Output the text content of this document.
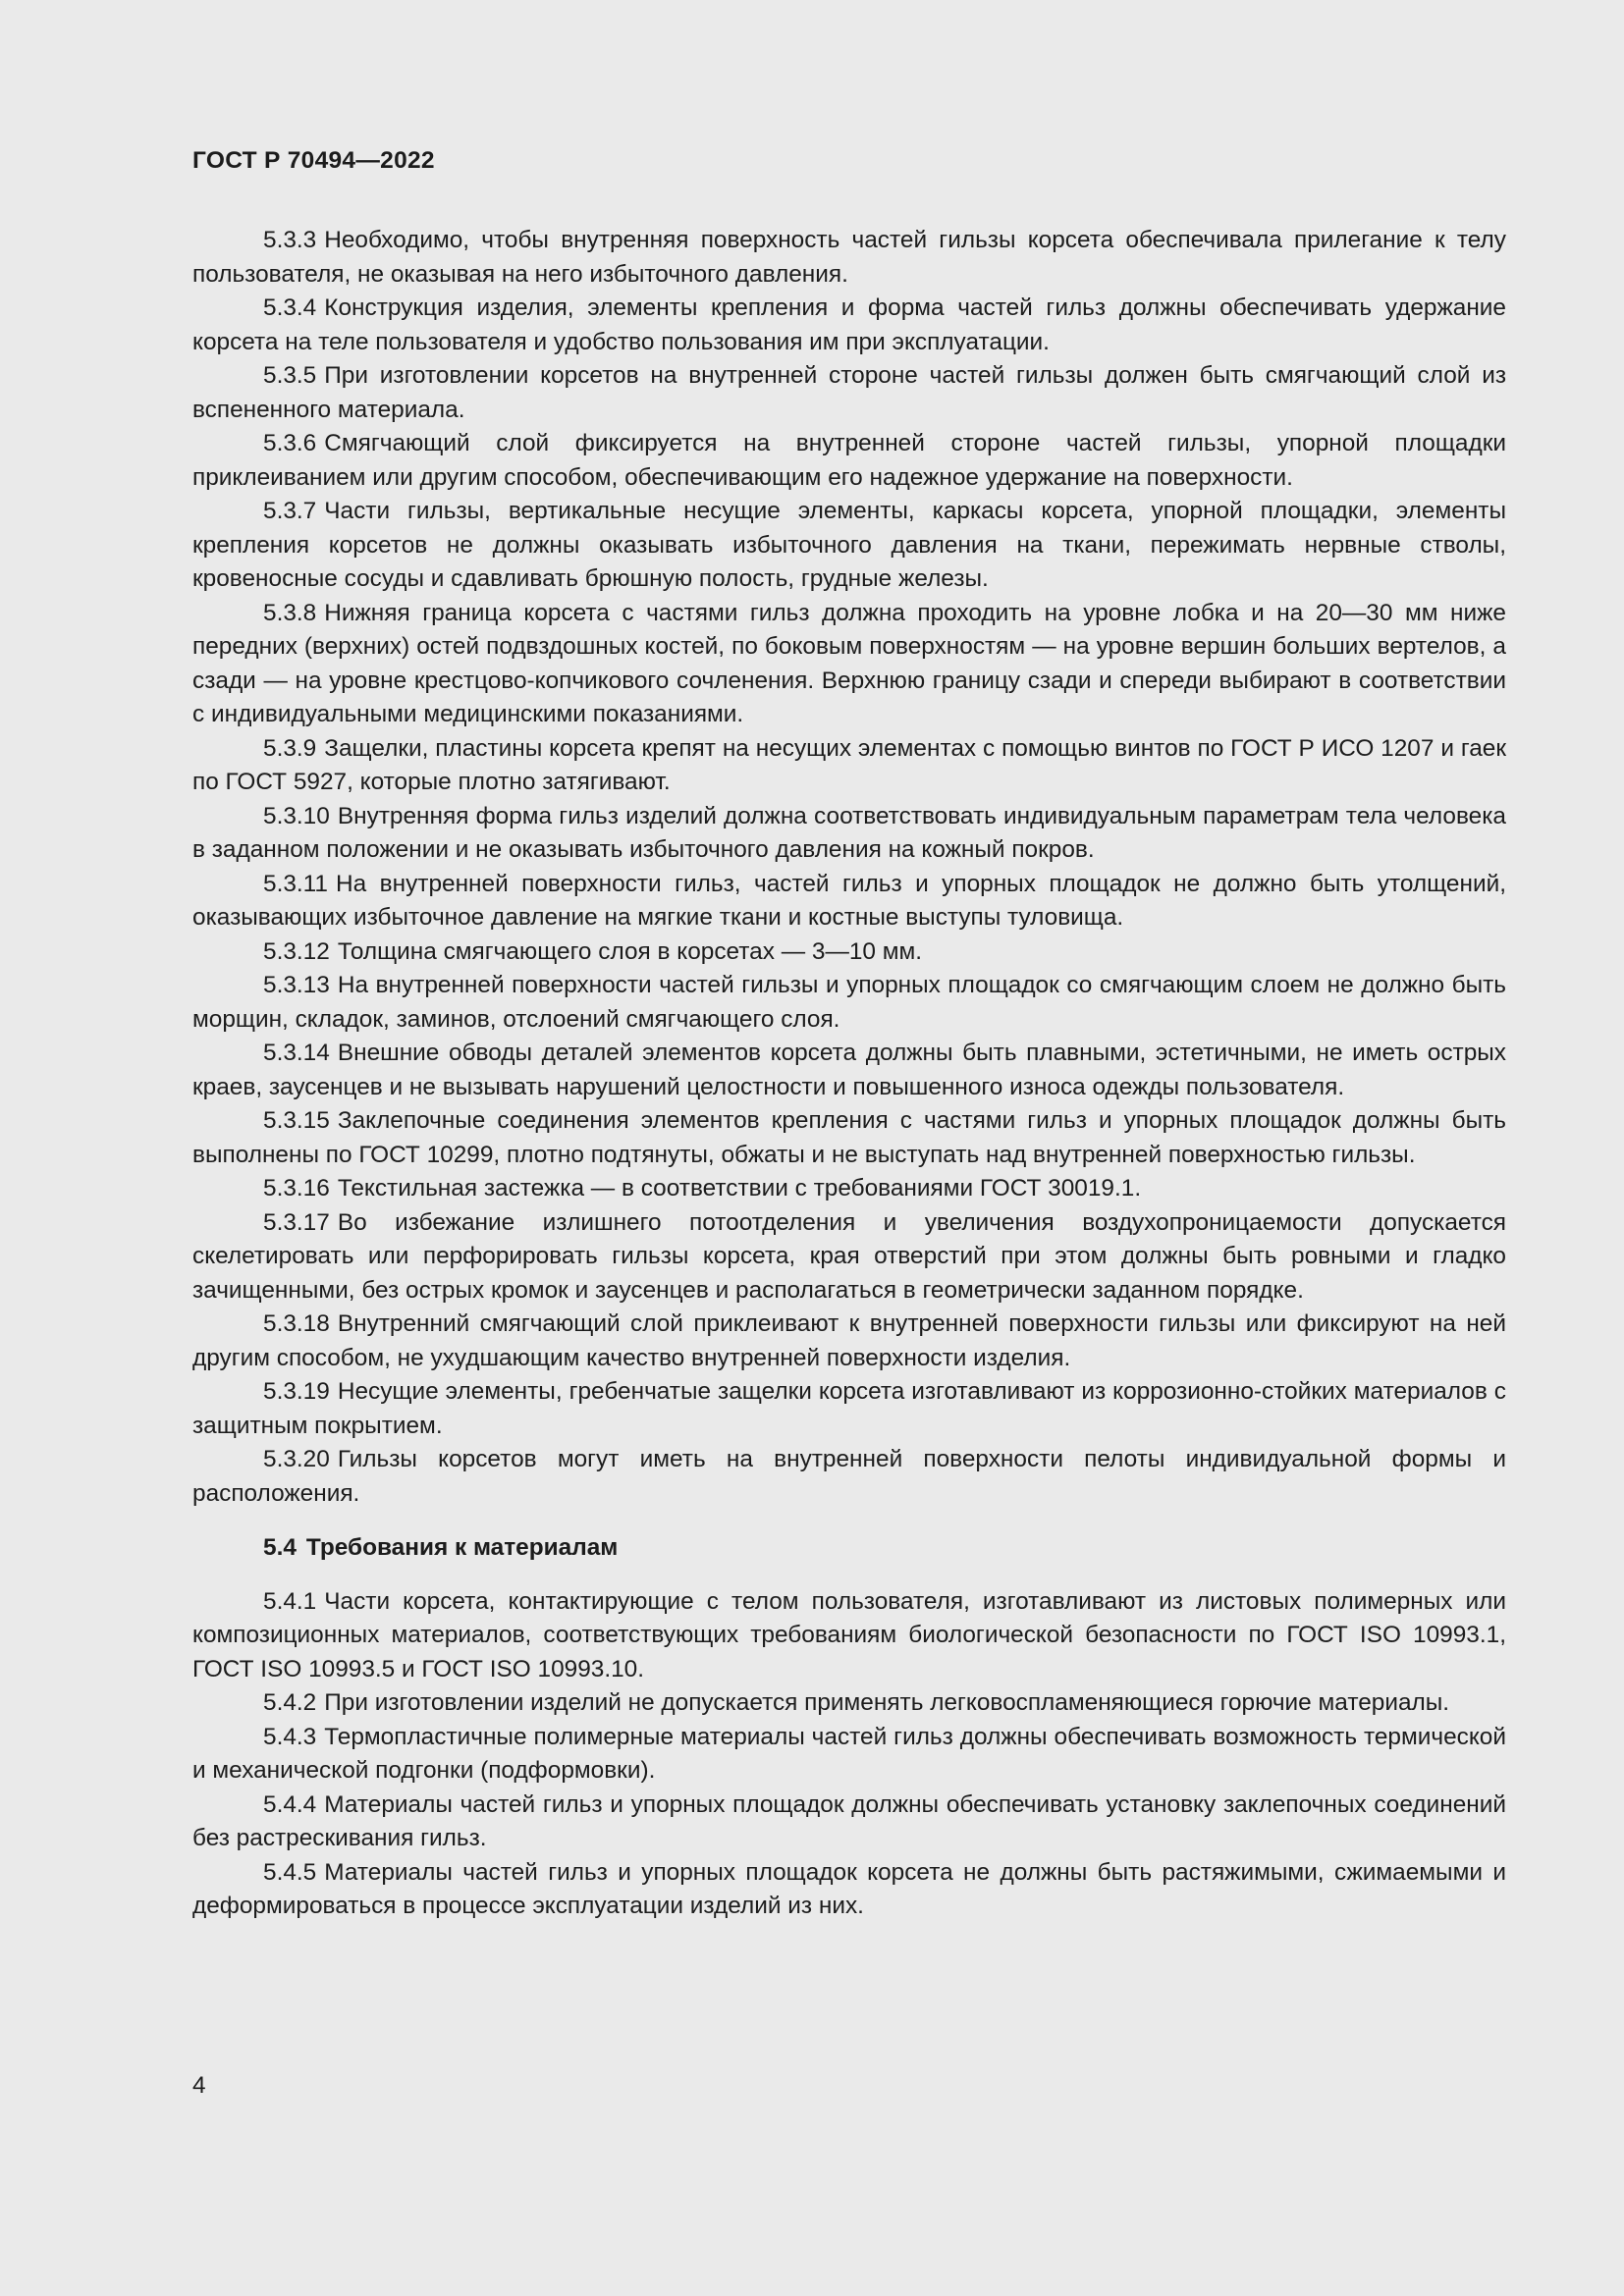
ГОСТ Р 70494—2022

5.3.3 Необходимо, чтобы внутренняя поверхность частей гильзы корсета обеспечивала прилегание к телу пользователя, не оказывая на него избыточного давления.

5.3.4 Конструкция изделия, элементы крепления и форма частей гильз должны обеспечивать удержание корсета на теле пользователя и удобство пользования им при эксплуатации.

5.3.5 При изготовлении корсетов на внутренней стороне частей гильзы должен быть смягчающий слой из вспененного материала.

5.3.6 Смягчающий слой фиксируется на внутренней стороне частей гильзы, упорной площадки приклеиванием или другим способом, обеспечивающим его надежное удержание на поверхности.

5.3.7 Части гильзы, вертикальные несущие элементы, каркасы корсета, упорной площадки, элементы крепления корсетов не должны оказывать избыточного давления на ткани, пережимать нервные стволы, кровеносные сосуды и сдавливать брюшную полость, грудные железы.

5.3.8 Нижняя граница корсета с частями гильз должна проходить на уровне лобка и на 20—30 мм ниже передних (верхних) остей подвздошных костей, по боковым поверхностям — на уровне вершин больших вертелов, а сзади — на уровне крестцово-копчикового сочленения. Верхнюю границу сзади и спереди выбирают в соответствии с индивидуальными медицинскими показаниями.

5.3.9 Защелки, пластины корсета крепят на несущих элементах с помощью винтов по ГОСТ Р ИСО 1207 и гаек по ГОСТ 5927, которые плотно затягивают.

5.3.10 Внутренняя форма гильз изделий должна соответствовать индивидуальным параметрам тела человека в заданном положении и не оказывать избыточного давления на кожный покров.

5.3.11 На внутренней поверхности гильз, частей гильз и упорных площадок не должно быть утолщений, оказывающих избыточное давление на мягкие ткани и костные выступы туловища.

5.3.12 Толщина смягчающего слоя в корсетах — 3—10 мм.

5.3.13 На внутренней поверхности частей гильзы и упорных площадок со смягчающим слоем не должно быть морщин, складок, заминов, отслоений смягчающего слоя.

5.3.14 Внешние обводы деталей элементов корсета должны быть плавными, эстетичными, не иметь острых краев, заусенцев и не вызывать нарушений целостности и повышенного износа одежды пользователя.

5.3.15 Заклепочные соединения элементов крепления с частями гильз и упорных площадок должны быть выполнены по ГОСТ 10299, плотно подтянуты, обжаты и не выступать над внутренней поверхностью гильзы.

5.3.16 Текстильная застежка — в соответствии с требованиями ГОСТ 30019.1.

5.3.17 Во избежание излишнего потоотделения и увеличения воздухопроницаемости допускается скелетировать или перфорировать гильзы корсета, края отверстий при этом должны быть ровными и гладко зачищенными, без острых кромок и заусенцев и располагаться в геометрически заданном порядке.

5.3.18 Внутренний смягчающий слой приклеивают к внутренней поверхности гильзы или фиксируют на ней другим способом, не ухудшающим качество внутренней поверхности изделия.

5.3.19 Несущие элементы, гребенчатые защелки корсета изготавливают из коррозионно-стойких материалов с защитным покрытием.

5.3.20 Гильзы корсетов могут иметь на внутренней поверхности пелоты индивидуальной формы и расположения.

5.4 Требования к материалам

5.4.1 Части корсета, контактирующие с телом пользователя, изготавливают из листовых полимерных или композиционных материалов, соответствующих требованиям биологической безопасности по ГОСТ ISO 10993.1, ГОСТ ISO 10993.5 и ГОСТ ISO 10993.10.

5.4.2 При изготовлении изделий не допускается применять легковоспламеняющиеся горючие материалы.

5.4.3 Термопластичные полимерные материалы частей гильз должны обеспечивать возможность термической и механической подгонки (подформовки).

5.4.4 Материалы частей гильз и упорных площадок должны обеспечивать установку заклепочных соединений без растрескивания гильз.

5.4.5 Материалы частей гильз и упорных площадок корсета не должны быть растяжимыми, сжимаемыми и деформироваться в процессе эксплуатации изделий из них.

4
